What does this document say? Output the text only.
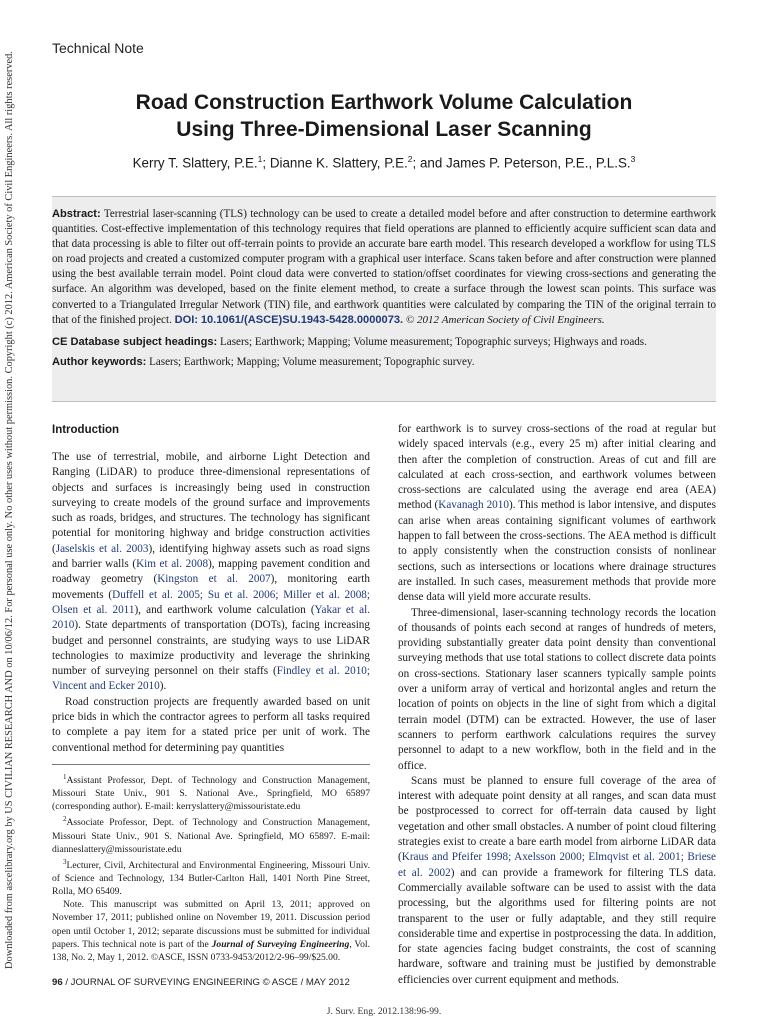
Downloaded from ascelibrary.org by US CIVILIAN RESEARCH AND on 10/06/12. For personal use only. No other uses without permission. Copyright (c) 2012. American Society of Civil Engineers. All rights reserved.
Technical Note
Road Construction Earthwork Volume Calculation
Using Three-Dimensional Laser Scanning
Kerry T. Slattery, P.E.$^1$; Dianne K. Slattery, P.E.$^2$; and James P. Peterson, P.E., P.L.S.$^3$

Abstract: Terrestrial laser-scanning (TLS) technology can be used to create a detailed model before and after construction to determine earthwork quantities. Cost-effective implementation of this technology requires that field operations are planned to efficiently acquire sufficient scan data and that data processing is able to filter out off-terrain points to provide an accurate bare earth model. This research developed a workflow for using TLS on road projects and created a customized computer program with a graphical user interface. Scans taken before and after construction were planned using the best available terrain model. Point cloud data were converted to station/offset coordinates for viewing cross-sections and generating the surface. An algorithm was developed, based on the finite element method, to create a surface through the lowest scan points. This surface was converted to a Triangulated Irregular Network (TIN) file, and earthwork quantities were calculated by comparing the TIN of the original terrain to that of the finished project. DOI: 10.1061/(ASCE)SU.1943-5428.0000073. © 2012 American Society of Civil Engineers.

CE Database subject headings: Lasers; Earthwork; Mapping; Volume measurement; Topographic surveys; Highways and roads.

Author keywords: Lasers; Earthwork; Mapping; Volume measurement; Topographic survey.

Introduction

The use of terrestrial, mobile, and airborne Light Detection and Ranging (LiDAR) to produce three-dimensional representations of objects and surfaces is increasingly being used in construction surveying to create models of the ground surface and improvements such as roads, bridges, and structures. The technology has significant potential for monitoring highway and bridge construction activities (Jaselskis et al. 2003), identifying highway assets such as road signs and barrier walls (Kim et al. 2008), mapping pavement condition and roadway geometry (Kingston et al. 2007), monitoring earth movements (Duffell et al. 2005; Su et al. 2006; Miller et al. 2008; Olsen et al. 2011), and earthwork volume calculation (Yakar et al. 2010). State departments of transportation (DOTs), facing increasing budget and personnel constraints, are studying ways to use LiDAR technologies to maximize productivity and leverage the shrinking number of surveying personnel on their staffs (Findley et al. 2010; Vincent and Ecker 2010).

Road construction projects are frequently awarded based on unit price bids in which the contractor agrees to perform all tasks required to complete a pay item for a stated price per unit of work. The conventional method for determining pay quantities

$^1$Assistant Professor, Dept. of Technology and Construction Management, Missouri State Univ., 901 S. National Ave., Springfield, MO 65897 (corresponding author). E-mail: kerryslattery@missouristate.edu

$^2$Associate Professor, Dept. of Technology and Construction Management, Missouri State Univ., 901 S. National Ave. Springfield, MO 65897. E-mail: dianneslattery@missouristate.edu

$^3$Lecturer, Civil, Architectural and Environmental Engineering, Missouri Univ. of Science and Technology, 134 Butler-Carlton Hall, 1401 North Pine Street, Rolla, MO 65409.

Note. This manuscript was submitted on April 13, 2011; approved on November 17, 2011; published online on November 19, 2011. Discussion period open until October 1, 2012; separate discussions must be submitted for individual papers. This technical note is part of the Journal of Surveying Engineering, Vol. 138, No. 2, May 1, 2012. ©ASCE, ISSN 0733-9453/2012/2-96–99/$25.00.

for earthwork is to survey cross-sections of the road at regular but widely spaced intervals (e.g., every 25 m) after initial clearing and then after the completion of construction. Areas of cut and fill are calculated at each cross-section, and earthwork volumes between cross-sections are calculated using the average end area (AEA) method (Kavanagh 2010). This method is labor intensive, and disputes can arise when areas containing significant volumes of earthwork happen to fall between the cross-sections. The AEA method is difficult to apply consistently when the construction consists of nonlinear sections, such as intersections or locations where drainage structures are installed. In such cases, measurement methods that provide more dense data will yield more accurate results.

Three-dimensional, laser-scanning technology records the location of thousands of points each second at ranges of hundreds of meters, providing substantially greater data point density than conventional surveying methods that use total stations to collect discrete data points on cross-sections. Stationary laser scanners typically sample points over a uniform array of vertical and horizontal angles and return the location of points on objects in the line of sight from which a digital terrain model (DTM) can be extracted. However, the use of laser scanners to perform earthwork calculations requires the survey personnel to adapt to a new workflow, both in the field and in the office.

Scans must be planned to ensure full coverage of the area of interest with adequate point density at all ranges, and scan data must be postprocessed to correct for off-terrain data caused by light vegetation and other small obstacles. A number of point cloud filtering strategies exist to create a bare earth model from airborne LiDAR data (Kraus and Pfeifer 1998; Axelsson 2000; Elmqvist et al. 2001; Briese et al. 2002) and can provide a framework for filtering TLS data. Commercially available software can be used to assist with the data processing, but the algorithms used for filtering points are not transparent to the user or fully adaptable, and they still require considerable time and expertise in postprocessing the data. In addition, for state agencies facing budget constraints, the cost of scanning hardware, software and training must be justified by demonstrable efficiencies over current equipment and methods.

96 / JOURNAL OF SURVEYING ENGINEERING © ASCE / MAY 2012
J. Surv. Eng. 2012.138:96-99.
